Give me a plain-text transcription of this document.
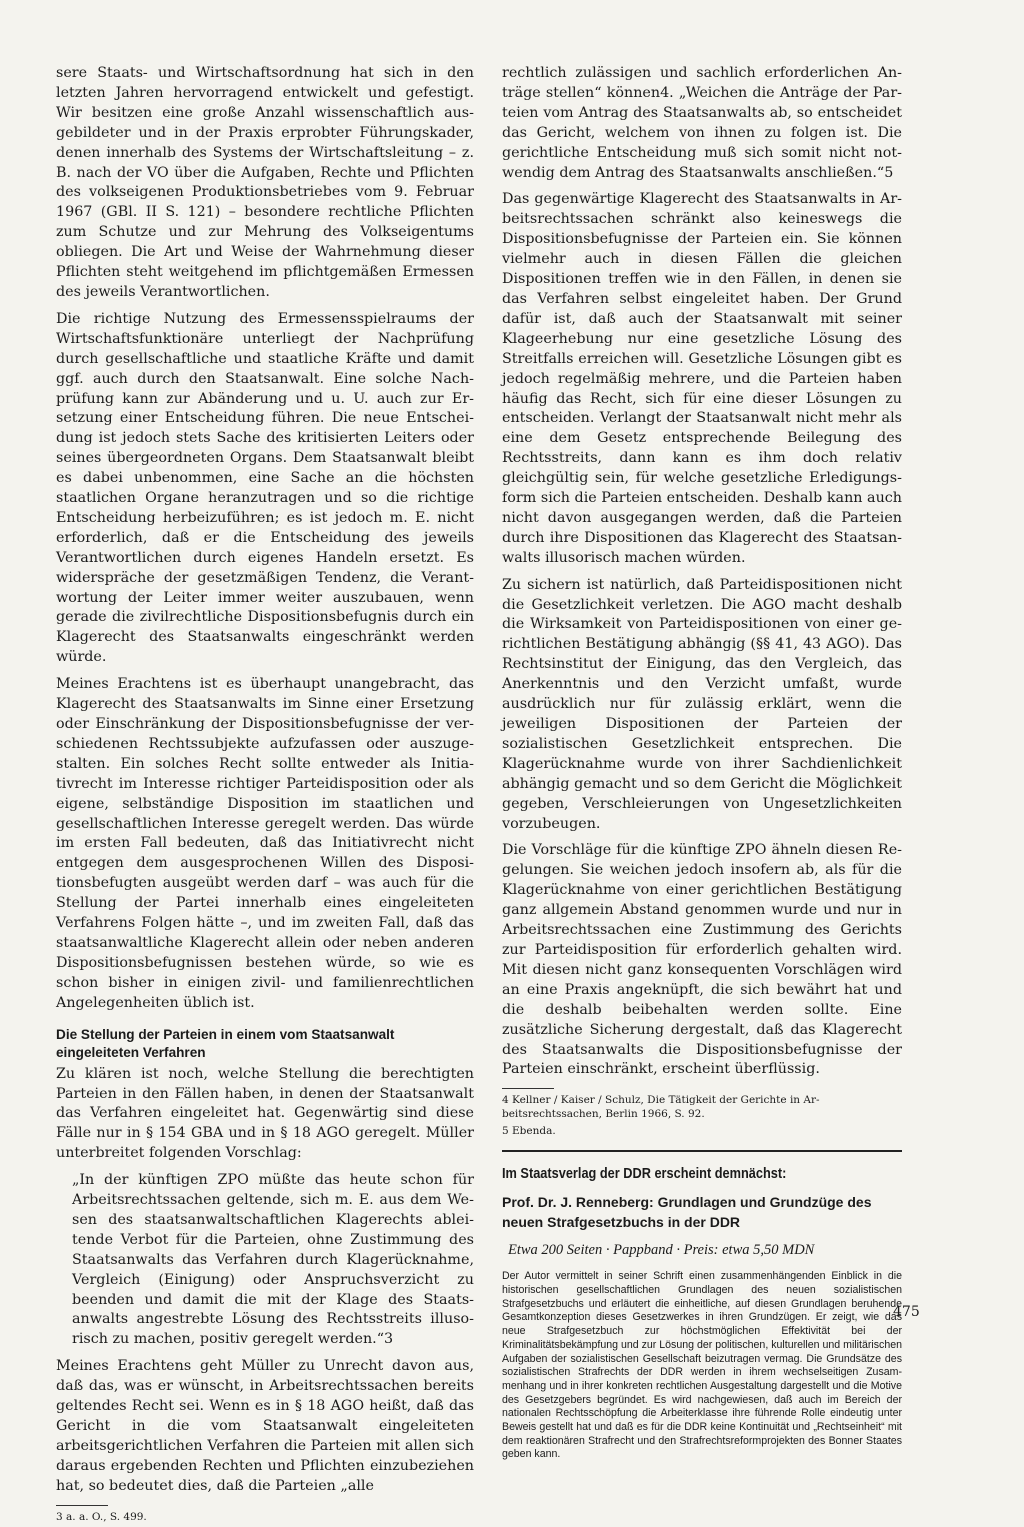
sere Staats- und Wirtschaftsordnung hat sich in den letzten Jahren hervorragend entwickelt und gefestigt. Wir besitzen eine große Anzahl wissenschaftlich ausgebildeter und in der Praxis erprobter Führungskader, denen innerhalb des Systems der Wirtschaftsleitung – z. B. nach der VO über die Aufgaben, Rechte und Pflichten des volkseigenen Produktionsbetriebes vom 9. Februar 1967 (GBl. II S. 121) – besondere rechtliche Pflichten zum Schutze und zur Mehrung des Volkseigentums obliegen. Die Art und Weise der Wahrnehmung dieser Pflichten steht weitgehend im pflichtgemäßen Ermessen des jeweils Verantwortlichen.

Die richtige Nutzung des Ermessensspielraums der Wirtschaftsfunktionäre unterliegt der Nachprüfung durch gesellschaftliche und staatliche Kräfte und damit ggf. auch durch den Staatsanwalt. Eine solche Nachprüfung kann zur Abänderung und u. U. auch zur Ersetzung einer Entscheidung führen. Die neue Entscheidung ist jedoch stets Sache des kritisierten Leiters oder seines übergeordneten Organs. Dem Staatsanwalt bleibt es dabei unbenommen, eine Sache an die höchsten staatlichen Organe heranzutragen und so die richtige Entscheidung herbeizuführen; es ist jedoch m. E. nicht erforderlich, daß er die Entscheidung des jeweils Verantwortlichen durch eigenes Handeln ersetzt. Es widerspräche der gesetzmäßigen Tendenz, die Verantwortung der Leiter immer weiter auszubauen, wenn gerade die zivilrechtliche Dispositionsbefugnis durch ein Klagerecht des Staatsanwalts eingeschränkt werden würde.

Meines Erachtens ist es überhaupt unangebracht, das Klagerecht des Staatsanwalts im Sinne einer Ersetzung oder Einschränkung der Dispositionsbefugnisse der verschiedenen Rechtssubjekte aufzufassen oder auszugestalten. Ein solches Recht sollte entweder als Initiativrecht im Interesse richtiger Parteidisposition oder als eigene, selbständige Disposition im staatlichen und gesellschaftlichen Interesse geregelt werden. Das würde im ersten Fall bedeuten, daß das Initiativrecht nicht entgegen dem ausgesprochenen Willen des Dispositionsbefugten ausgeübt werden darf – was auch für die Stellung der Partei innerhalb eines eingeleiteten Verfahrens Folgen hätte –, und im zweiten Fall, daß das staatsanwaltliche Klagerecht allein oder neben anderen Dispositionsbefugnissen bestehen würde, so wie es schon bisher in einigen zivil- und familienrechtlichen Angelegenheiten üblich ist.

Die Stellung der Parteien in einem vom Staatsanwalt eingeleiteten Verfahren

Zu klären ist noch, welche Stellung die berechtigten Parteien in den Fällen haben, in denen der Staatsanwalt das Verfahren eingeleitet hat. Gegenwärtig sind diese Fälle nur in § 154 GBA und in § 18 AGO geregelt. Müller unterbreitet folgenden Vorschlag:

„In der künftigen ZPO müßte das heute schon für Arbeitsrechtssachen geltende, sich m. E. aus dem Wesen des staatsanwaltschaftlichen Klagerechts ableitende Verbot für die Parteien, ohne Zustimmung des Staatsanwalts das Verfahren durch Klagerücknahme, Vergleich (Einigung) oder Anspruchsverzicht zu beenden und damit die mit der Klage des Staatsanwalts angestrebte Lösung des Rechtsstreits illusorisch zu machen, positiv geregelt werden.“3

Meines Erachtens geht Müller zu Unrecht davon aus, daß das, was er wünscht, in Arbeitsrechtssachen bereits geltendes Recht sei. Wenn es in § 18 AGO heißt, daß das Gericht in die vom Staatsanwalt eingeleiteten arbeitsgerichtlichen Verfahren die Parteien mit allen sich daraus ergebenden Rechten und Pflichten einzubeziehen hat, so bedeutet dies, daß die Parteien „alle

3 a. a. O., S. 499.

rechtlich zulässigen und sachlich erforderlichen Anträge stellen“ können4. „Weichen die Anträge der Parteien vom Antrag des Staatsanwalts ab, so entscheidet das Gericht, welchem von ihnen zu folgen ist. Die gerichtliche Entscheidung muß sich somit nicht notwendig dem Antrag des Staatsanwalts anschließen.“5

Das gegenwärtige Klagerecht des Staatsanwalts in Arbeitsrechtssachen schränkt also keineswegs die Dispositionsbefugnisse der Parteien ein. Sie können vielmehr auch in diesen Fällen die gleichen Dispositionen treffen wie in den Fällen, in denen sie das Verfahren selbst eingeleitet haben. Der Grund dafür ist, daß auch der Staatsanwalt mit seiner Klageerhebung nur eine gesetzliche Lösung des Streitfalls erreichen will. Gesetzliche Lösungen gibt es jedoch regelmäßig mehrere, und die Parteien haben häufig das Recht, sich für eine dieser Lösungen zu entscheiden. Verlangt der Staatsanwalt nicht mehr als eine dem Gesetz entsprechende Beilegung des Rechtsstreits, dann kann es ihm doch relativ gleichgültig sein, für welche gesetzliche Erledigungsform sich die Parteien entscheiden. Deshalb kann auch nicht davon ausgegangen werden, daß die Parteien durch ihre Dispositionen das Klagerecht des Staatsanwalts illusorisch machen würden.

Zu sichern ist natürlich, daß Parteidispositionen nicht die Gesetzlichkeit verletzen. Die AGO macht deshalb die Wirksamkeit von Parteidispositionen von einer gerichtlichen Bestätigung abhängig (§§ 41, 43 AGO). Das Rechtsinstitut der Einigung, das den Vergleich, das Anerkenntnis und den Verzicht umfaßt, wurde ausdrücklich nur für zulässig erklärt, wenn die jeweiligen Dispositionen der Parteien der sozialistischen Gesetzlichkeit entsprechen. Die Klagerücknahme wurde von ihrer Sachdienlichkeit abhängig gemacht und so dem Gericht die Möglichkeit gegeben, Verschleierungen von Ungesetzlichkeiten vorzubeugen.

Die Vorschläge für die künftige ZPO ähneln diesen Regelungen. Sie weichen jedoch insofern ab, als für die Klagerücknahme von einer gerichtlichen Bestätigung ganz allgemein Abstand genommen wurde und nur in Arbeitsrechtssachen eine Zustimmung des Gerichts zur Parteidisposition für erforderlich gehalten wird. Mit diesen nicht ganz konsequenten Vorschlägen wird an eine Praxis angeknüpft, die sich bewährt hat und die deshalb beibehalten werden sollte. Eine zusätzliche Sicherung dergestalt, daß das Klagerecht des Staatsanwalts die Dispositionsbefugnisse der Parteien einschränkt, erscheint überflüssig.

4 Kellner / Kaiser / Schulz, Die Tätigkeit der Gerichte in Arbeitsrechtssachen, Berlin 1966, S. 92.

5 Ebenda.

Im Staatsverlag der DDR erscheint demnächst:
Prof. Dr. J. Renneberg: Grundlagen und Grundzüge des neuen Strafgesetzbuchs in der DDR
Etwa 200 Seiten · Pappband · Preis: etwa 5,50 MDN

Der Autor vermittelt in seiner Schrift einen zusammenhängenden Einblick in die historischen gesellschaftlichen Grundlagen des neuen sozialistischen Strafgesetzbuchs und erläutert die einheitliche, auf diesen Grundlagen beruhende Gesamtkonzeption dieses Gesetzwerkes in ihren Grundzügen. Er zeigt, wie das neue Strafgesetzbuch zur höchstmöglichen Effektivität bei der Kriminalitätsbekämpfung und zur Lösung der politischen, kulturellen und militärischen Aufgaben der sozialistischen Gesellschaft beizutragen vermag. Die Grundsätze des sozialistischen Strafrechts der DDR werden in ihrem wechselseitigen Zusammenhang und in ihrer konkreten rechtlichen Ausgestaltung dargestellt und die Motive des Gesetzgebers begründet. Es wird nachgewiesen, daß auch im Bereich der nationalen Rechtsschöpfung die Arbeiterklasse ihre führende Rolle eindeutig unter Beweis gestellt hat und daß es für die DDR keine Kontinuität und „Rechtseinheit“ mit dem reaktionären Strafrecht und den Strafrechtsreformprojekten des Bonner Staates geben kann.

475
